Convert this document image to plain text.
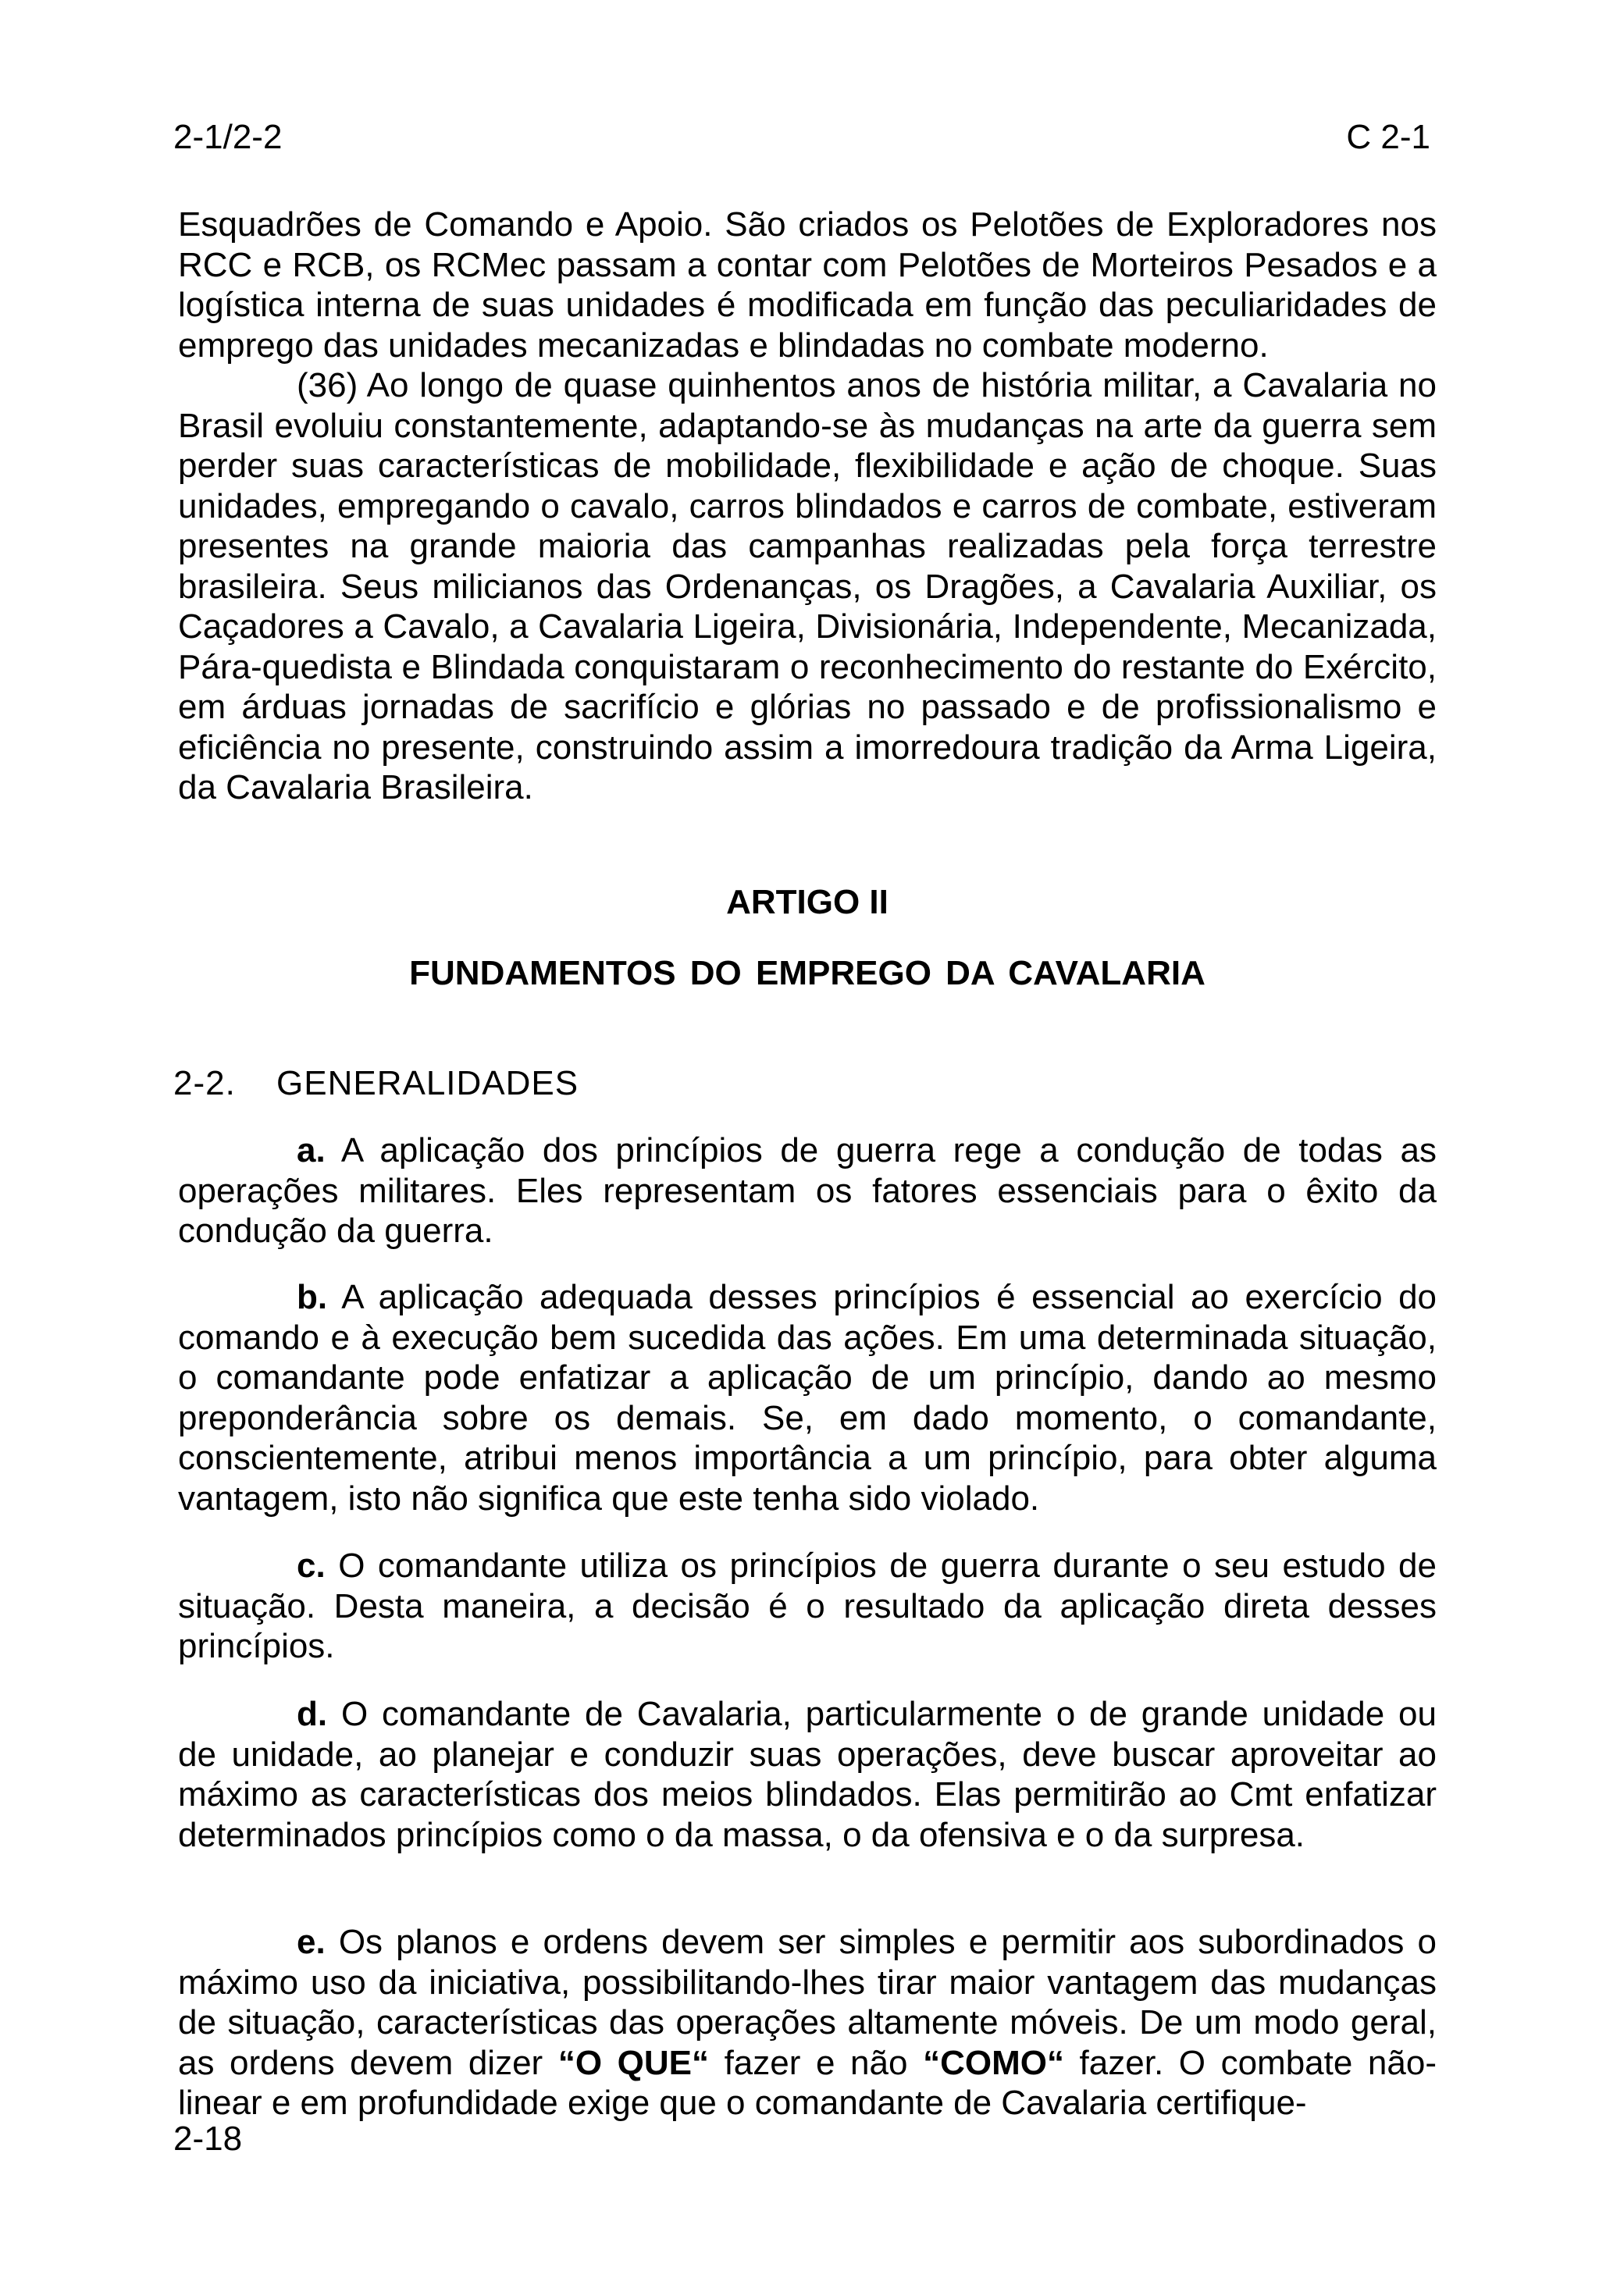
2-1/2-2	C 2-1

Esquadrões de Comando e Apoio. São criados os Pelotões de Exploradores nos RCC e RCB, os RCMec passam a contar com Pelotões de Morteiros Pesados e a logística interna de suas unidades é modificada em função das peculiaridades de emprego das unidades mecanizadas e blindadas no combate moderno.

(36) Ao longo de quase quinhentos anos de história militar, a Cavalaria no Brasil evoluiu constantemente, adaptando-se às mudanças na arte da guerra sem perder suas características de mobilidade, flexibilidade e ação de choque. Suas unidades, empregando o cavalo, carros blindados e carros de combate, estiveram presentes na grande maioria das campanhas realizadas pela força terrestre brasileira. Seus milicianos das Ordenanças, os Dragões, a Cavalaria Auxiliar, os Caçadores a Cavalo, a Cavalaria Ligeira, Divisionária, Independente, Mecanizada, Pára-quedista e Blindada conquistaram o reconhecimento do restante do Exército, em árduas jornadas de sacrifício e glórias no passado e de profissionalismo e eficiência no presente, construindo assim a imorredoura tradição da Arma Ligeira, da Cavalaria Brasileira.

ARTIGO II
FUNDAMENTOS DO EMPREGO DA CAVALARIA
2-2. GENERALIDADES

a. A aplicação dos princípios de guerra rege a condução de todas as operações militares. Eles representam os fatores essenciais para o êxito da condução da guerra.

b. A aplicação adequada desses princípios é essencial ao exercício do comando e à execução bem sucedida das ações. Em uma determinada situação, o comandante pode enfatizar a aplicação de um princípio, dando ao mesmo preponderância sobre os demais. Se, em dado momento, o comandante, conscientemente, atribui menos importância a um princípio, para obter alguma vantagem, isto não significa que este tenha sido violado.

c. O comandante utiliza os princípios de guerra durante o seu estudo de situação. Desta maneira, a decisão é o resultado da aplicação direta desses princípios.

d. O comandante de Cavalaria, particularmente o de grande unidade ou de unidade, ao planejar e conduzir suas operações, deve buscar aproveitar ao máximo as características dos meios blindados. Elas permitirão ao Cmt enfatizar determinados princípios como o da massa, o da ofensiva e o da surpresa.

e. Os planos e ordens devem ser simples e permitir aos subordinados o máximo uso da iniciativa, possibilitando-lhes tirar maior vantagem das mudanças de situação, características das operações altamente móveis. De um modo geral, as ordens devem dizer “O QUE“ fazer e não “COMO“ fazer. O combate não-linear e em profundidade exige que o comandante de Cavalaria certifique-

2-18
